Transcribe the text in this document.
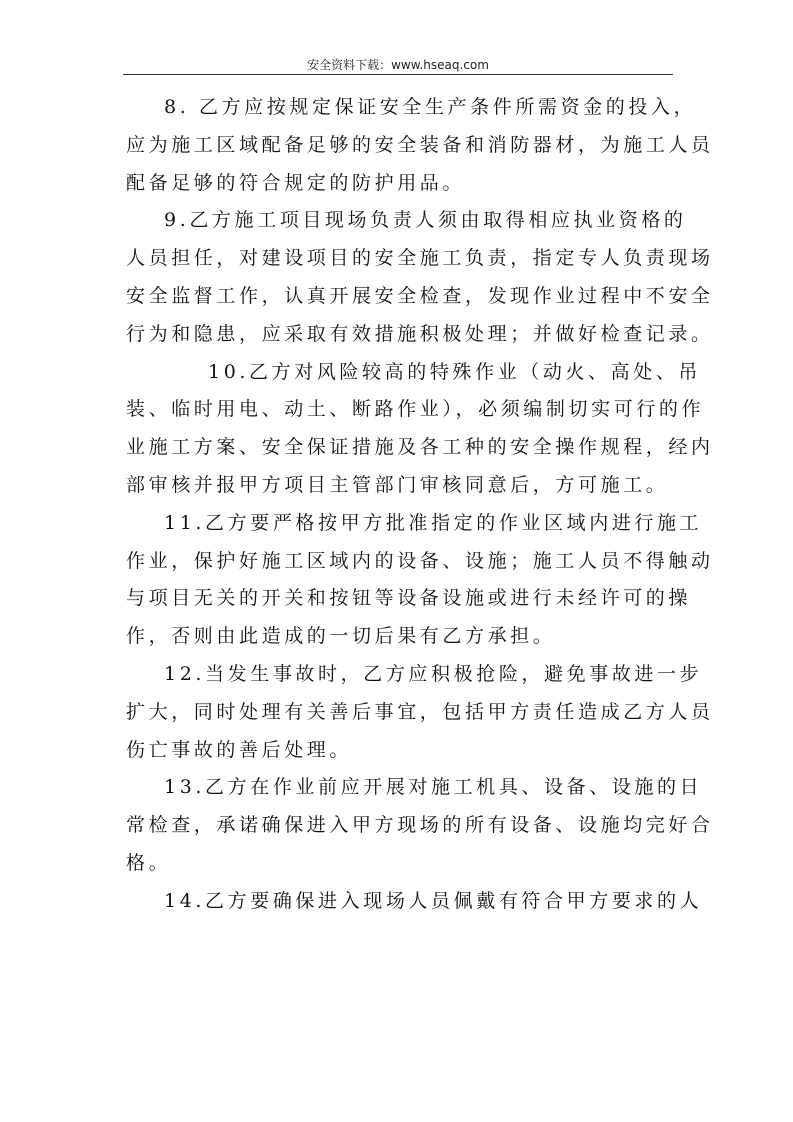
安全资料下载：www.hseaq.com
8. 乙方应按规定保证安全生产条件所需资金的投入，
应为施工区域配备足够的安全装备和消防器材，为施工人员
配备足够的符合规定的防护用品。
9.乙方施工项目现场负责人须由取得相应执业资格的
人员担任，对建设项目的安全施工负责，指定专人负责现场
安全监督工作，认真开展安全检查，发现作业过程中不安全
行为和隐患，应采取有效措施积极处理；并做好检查记录。
10.乙方对风险较高的特殊作业（动火、高处、吊
装、临时用电、动土、断路作业），必须编制切实可行的作
业施工方案、安全保证措施及各工种的安全操作规程，经内
部审核并报甲方项目主管部门审核同意后，方可施工。
11.乙方要严格按甲方批准指定的作业区域内进行施工
作业，保护好施工区域内的设备、设施；施工人员不得触动
与项目无关的开关和按钮等设备设施或进行未经许可的操
作，否则由此造成的一切后果有乙方承担。
12.当发生事故时，乙方应积极抢险，避免事故进一步
扩大，同时处理有关善后事宜，包括甲方责任造成乙方人员
伤亡事故的善后处理。
13.乙方在作业前应开展对施工机具、设备、设施的日
常检查，承诺确保进入甲方现场的所有设备、设施均完好合
格。
14.乙方要确保进入现场人员佩戴有符合甲方要求的人
